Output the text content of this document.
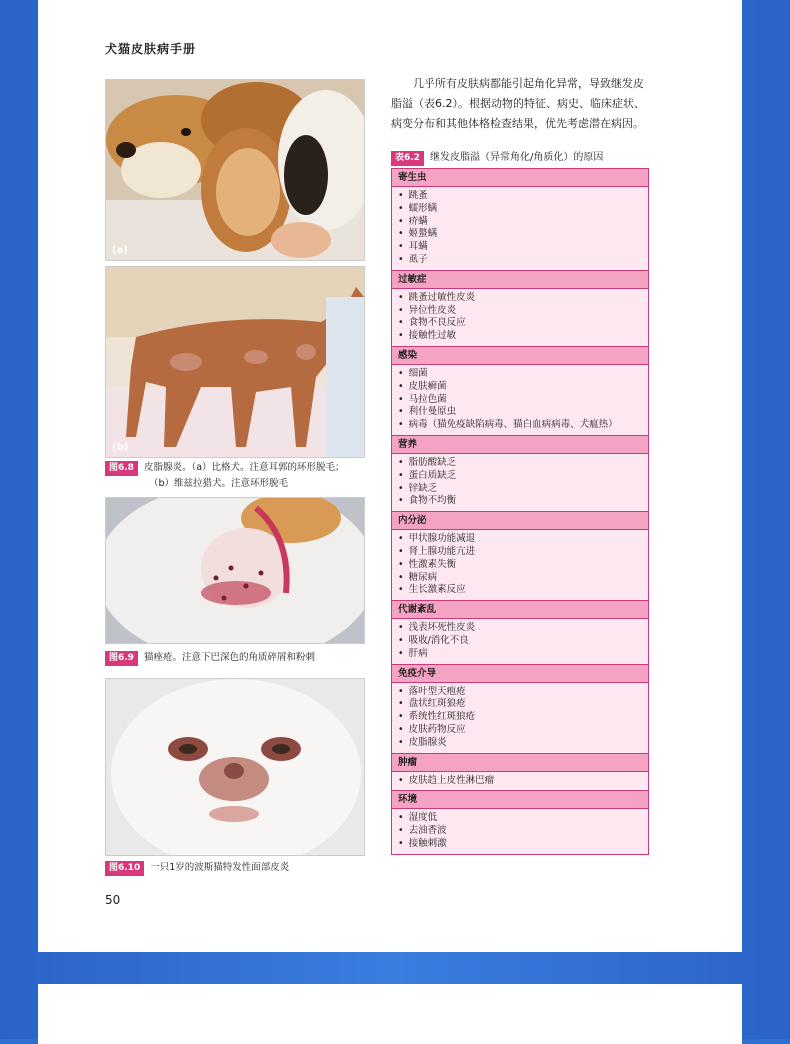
犬猫皮肤病手册
(a)
(b)
图6.8 皮脂腺炎。（a）比格犬。注意耳郭的环形脱毛；
（b）维兹拉猎犬。注意环形脱毛
图6.9 猫痤疮。注意下巴深色的角质碎屑和粉刺
图6.10 一只1岁的波斯猫特发性面部皮炎
几乎所有皮肤病都能引起角化异常，导致继发皮脂溢（表6.2）。根据动物的特征、病史、临床症状、病变分布和其他体格检查结果，优先考虑潜在病因。
表6.2 继发皮脂溢（异常角化/角质化）的原因
寄生虫
• 跳蚤
• 蠕形螨
• 疥螨
• 姬螯螨
• 耳螨
• 虱子
过敏症
• 跳蚤过敏性皮炎
• 异位性皮炎
• 食物不良反应
• 接触性过敏
感染
• 细菌
• 皮肤癣菌
• 马拉色菌
• 利什曼原虫
• 病毒（猫免疫缺陷病毒、猫白血病病毒、犬瘟热）
营养
• 脂肪酸缺乏
• 蛋白质缺乏
• 锌缺乏
• 食物不均衡
内分泌
• 甲状腺功能减退
• 肾上腺功能亢进
• 性激素失衡
• 糖尿病
• 生长激素反应
代谢紊乱
• 浅表坏死性皮炎
• 吸收/消化不良
• 肝病
免疫介导
• 落叶型天疱疮
• 盘状红斑狼疮
• 系统性红斑狼疮
• 皮肤药物反应
• 皮脂腺炎
肿瘤
• 皮肤趋上皮性淋巴瘤
环境
• 湿度低
• 去油香波
• 接触刺激
50
